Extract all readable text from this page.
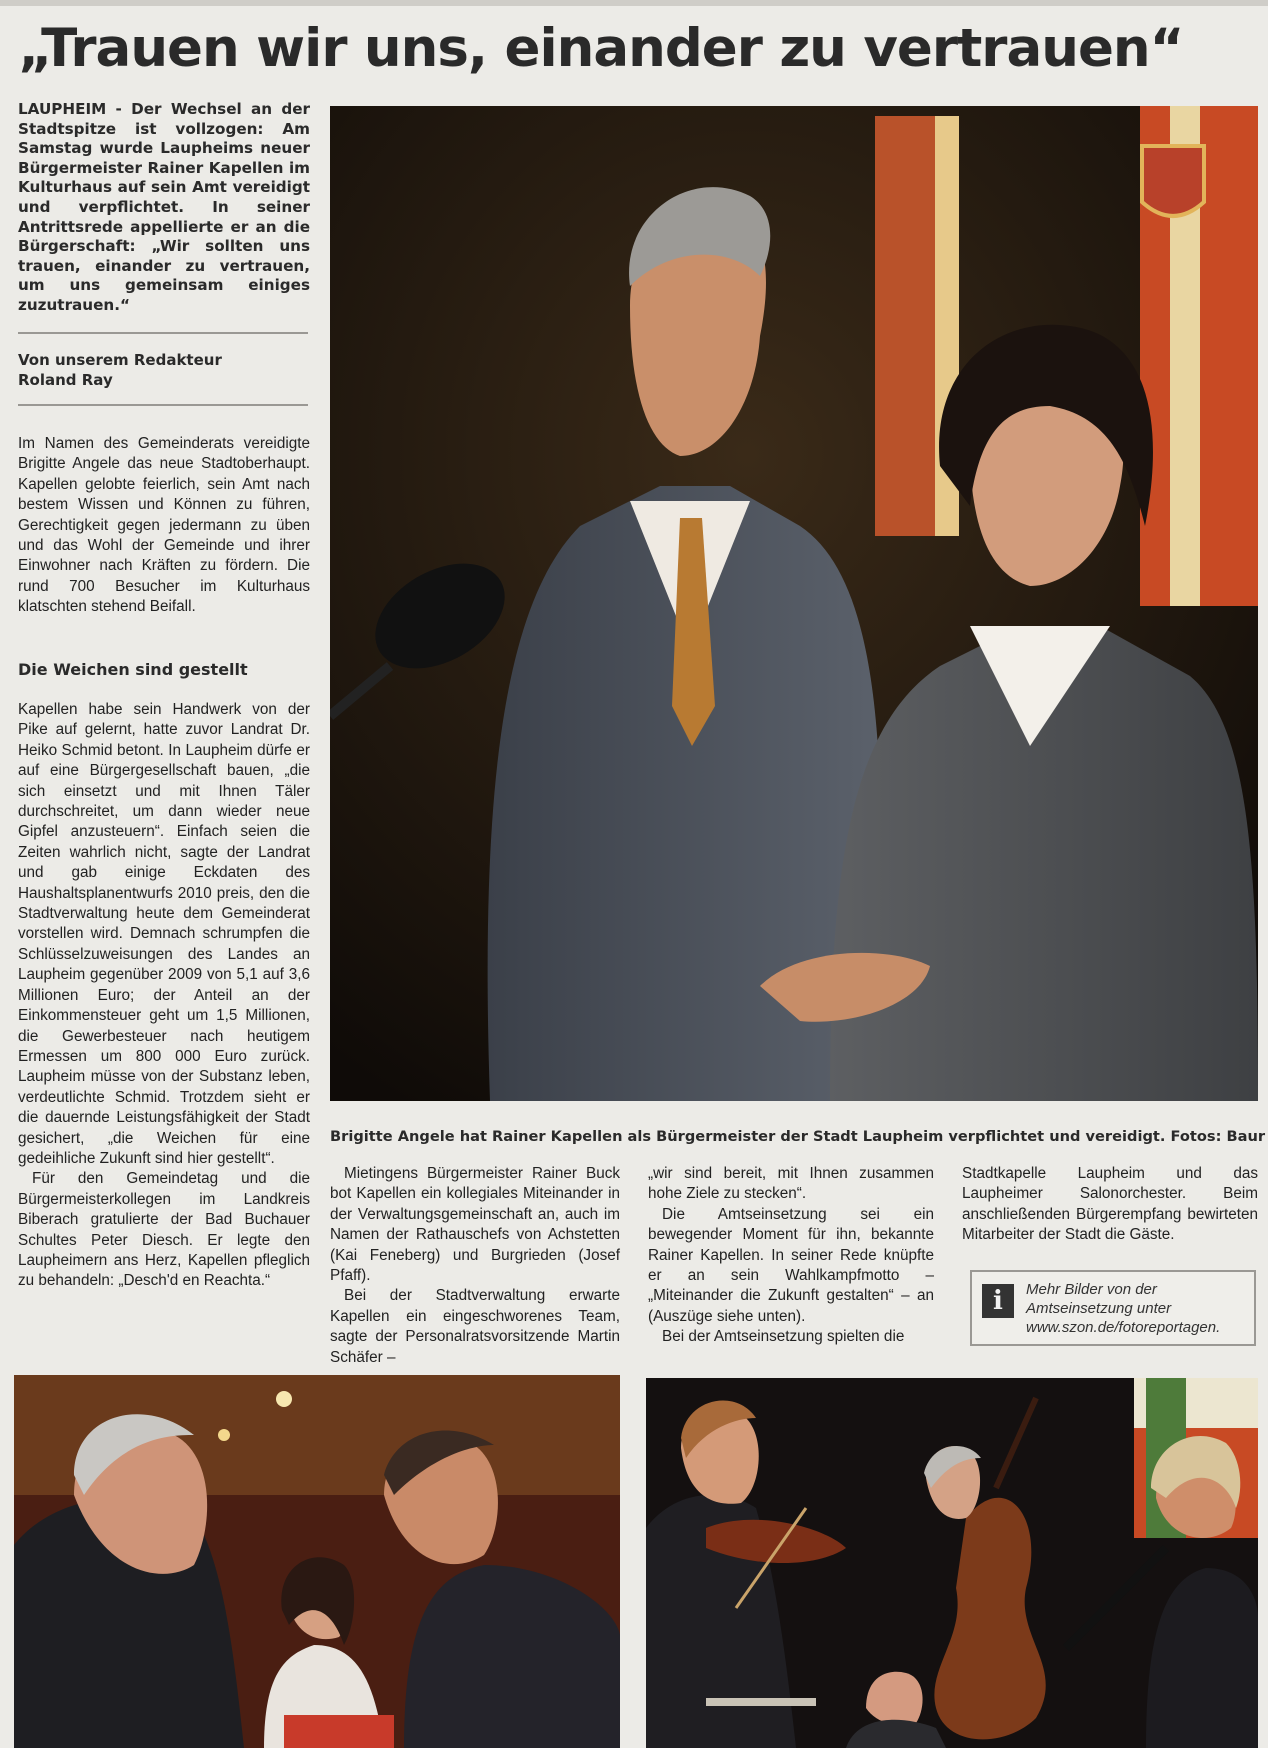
„Trauen wir uns, einander zu vertrauen“
LAUPHEIM - Der Wechsel an der Stadtspitze ist vollzogen: Am Samstag wurde Laupheims neuer Bürgermeister Rainer Kapellen im Kulturhaus auf sein Amt vereidigt und verpflichtet. In seiner Antrittsrede appellierte er an die Bürgerschaft: „Wir sollten uns trauen, einander zu vertrauen, um uns gemeinsam einiges zuzutrauen.“
Von unserem Redakteur
Roland Ray
Im Namen des Gemeinderats vereidigte Brigitte Angele das neue Stadtoberhaupt. Kapellen gelobte feierlich, sein Amt nach bestem Wissen und Können zu führen, Gerechtigkeit gegen jedermann zu üben und das Wohl der Gemeinde und ihrer Einwohner nach Kräften zu fördern. Die rund 700 Besucher im Kulturhaus klatschten stehend Beifall.
Die Weichen sind gestellt

Kapellen habe sein Handwerk von der Pike auf gelernt, hatte zuvor Landrat Dr. Heiko Schmid betont. In Laupheim dürfe er auf eine Bürgergesellschaft bauen, „die sich einsetzt und mit Ihnen Täler durchschreitet, um dann wieder neue Gipfel anzusteuern“. Einfach seien die Zeiten wahrlich nicht, sagte der Landrat und gab einige Eckdaten des Haushaltsplanentwurfs 2010 preis, den die Stadtverwaltung heute dem Gemeinderat vorstellen wird. Demnach schrumpfen die Schlüsselzuweisungen des Landes an Laupheim gegenüber 2009 von 5,1 auf 3,6 Millionen Euro; der Anteil an der Einkommensteuer geht um 1,5 Millionen, die Gewerbesteuer nach heutigem Ermessen um 800 000 Euro zurück. Laupheim müsse von der Substanz leben, verdeutlichte Schmid. Trotzdem sieht er die dauernde Leistungsfähigkeit der Stadt gesichert, „die Weichen für eine gedeihliche Zukunft sind hier gestellt“.

Für den Gemeindetag und die Bürgermeisterkollegen im Landkreis Biberach gratulierte der Bad Buchauer Schultes Peter Diesch. Er legte den Laupheimern ans Herz, Kapellen pfleglich zu behandeln: „Desch'd en Reachta.“

Brigitte Angele hat Rainer Kapellen als Bürgermeister der Stadt Laupheim verpflichtet und vereidigt. Fotos: Baur

Mietingens Bürgermeister Rainer Buck bot Kapellen ein kollegiales Miteinander in der Verwaltungsgemeinschaft an, auch im Namen der Rathauschefs von Achstetten (Kai Feneberg) und Burgrieden (Josef Pfaff).

Bei der Stadtverwaltung erwarte Kapellen ein eingeschworenes Team, sagte der Personalratsvorsitzende Martin Schäfer –

„wir sind bereit, mit Ihnen zusammen hohe Ziele zu stecken“.

Die Amtseinsetzung sei ein bewegender Moment für ihn, bekannte Rainer Kapellen. In seiner Rede knüpfte er an sein Wahlkampfmotto – „Miteinander die Zukunft gestalten“ – an (Auszüge siehe unten).

Bei der Amtseinsetzung spielten die

Stadtkapelle Laupheim und das Laupheimer Salonorchester. Beim anschließenden Bürgerempfang bewirteten Mitarbeiter der Stadt die Gäste.

i	Mehr Bilder von der Amtseinsetzung unter www.szon.de/fotoreportagen.
